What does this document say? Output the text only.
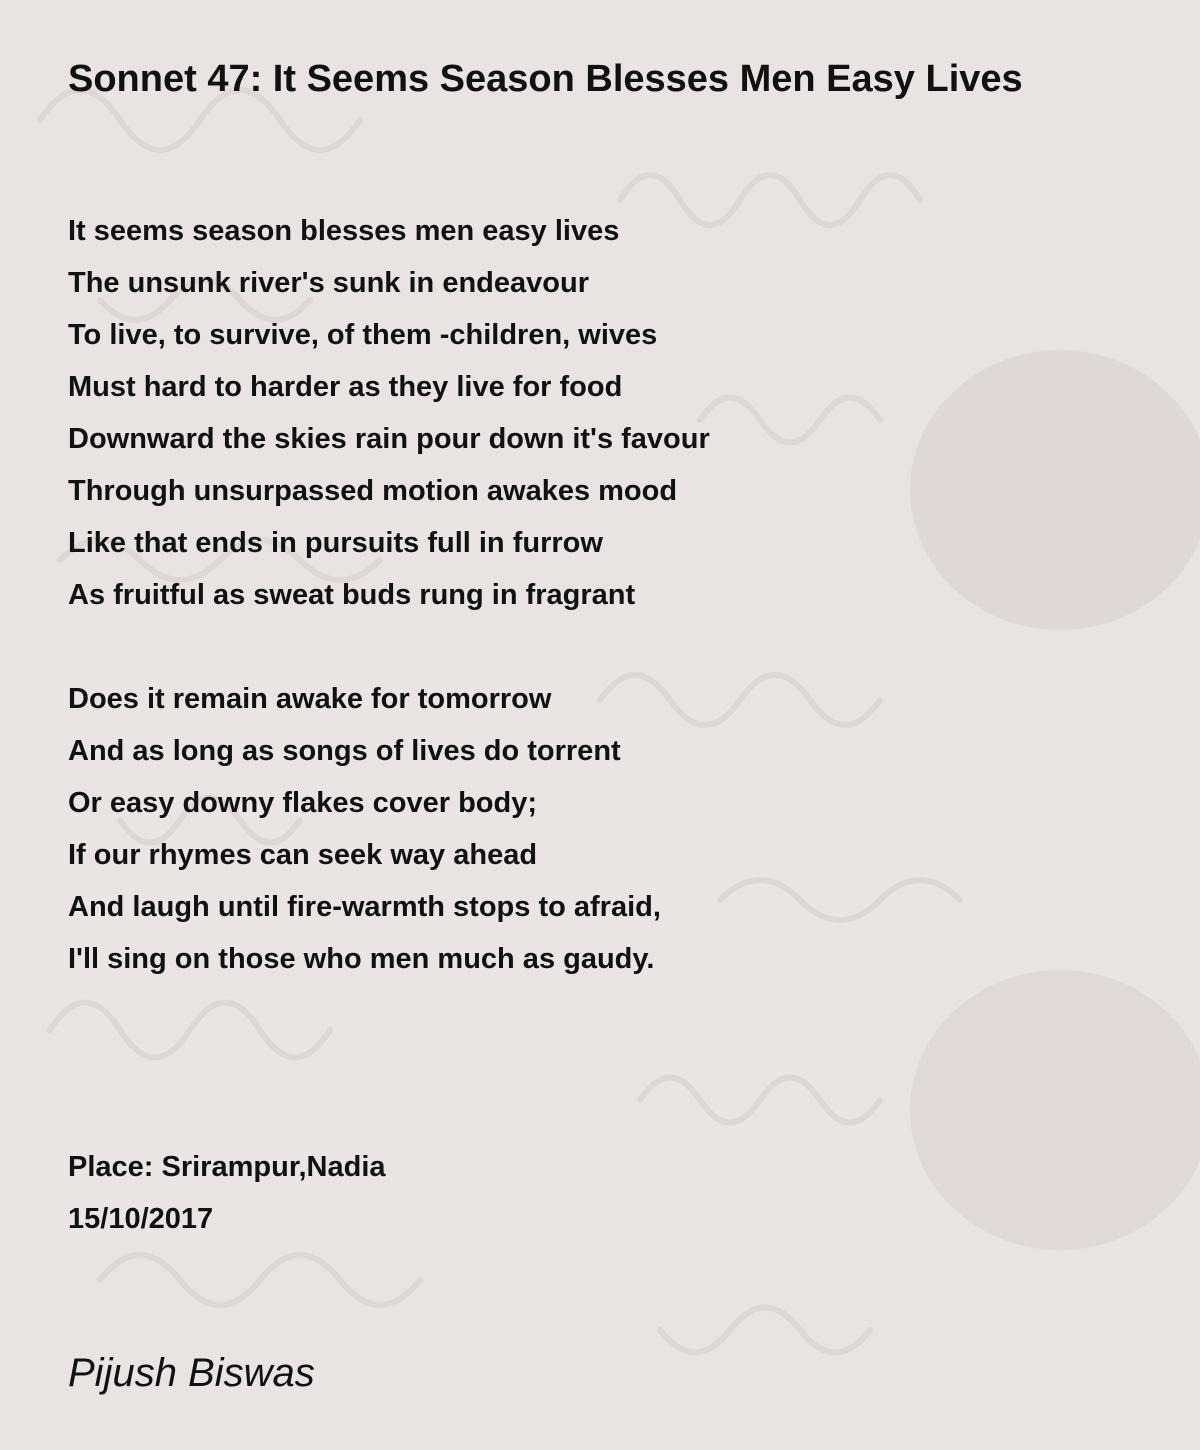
Sonnet 47: It Seems Season Blesses Men Easy Lives
It seems season blesses men easy lives
The unsunk river's sunk in endeavour
To live, to survive, of them -children, wives
Must hard to harder as they live for food
Downward the skies rain pour down it's favour
Through unsurpassed motion awakes mood
Like that ends in pursuits full in furrow
As fruitful as sweat buds rung in fragrant
Does it remain awake for tomorrow
And as long as songs of lives do torrent
Or easy downy flakes cover body;
If our rhymes can seek way ahead
And laugh until fire-warmth stops to afraid,
I'll sing on those who men much as gaudy.
Place: Srirampur,Nadia
15/10/2017
Pijush Biswas
